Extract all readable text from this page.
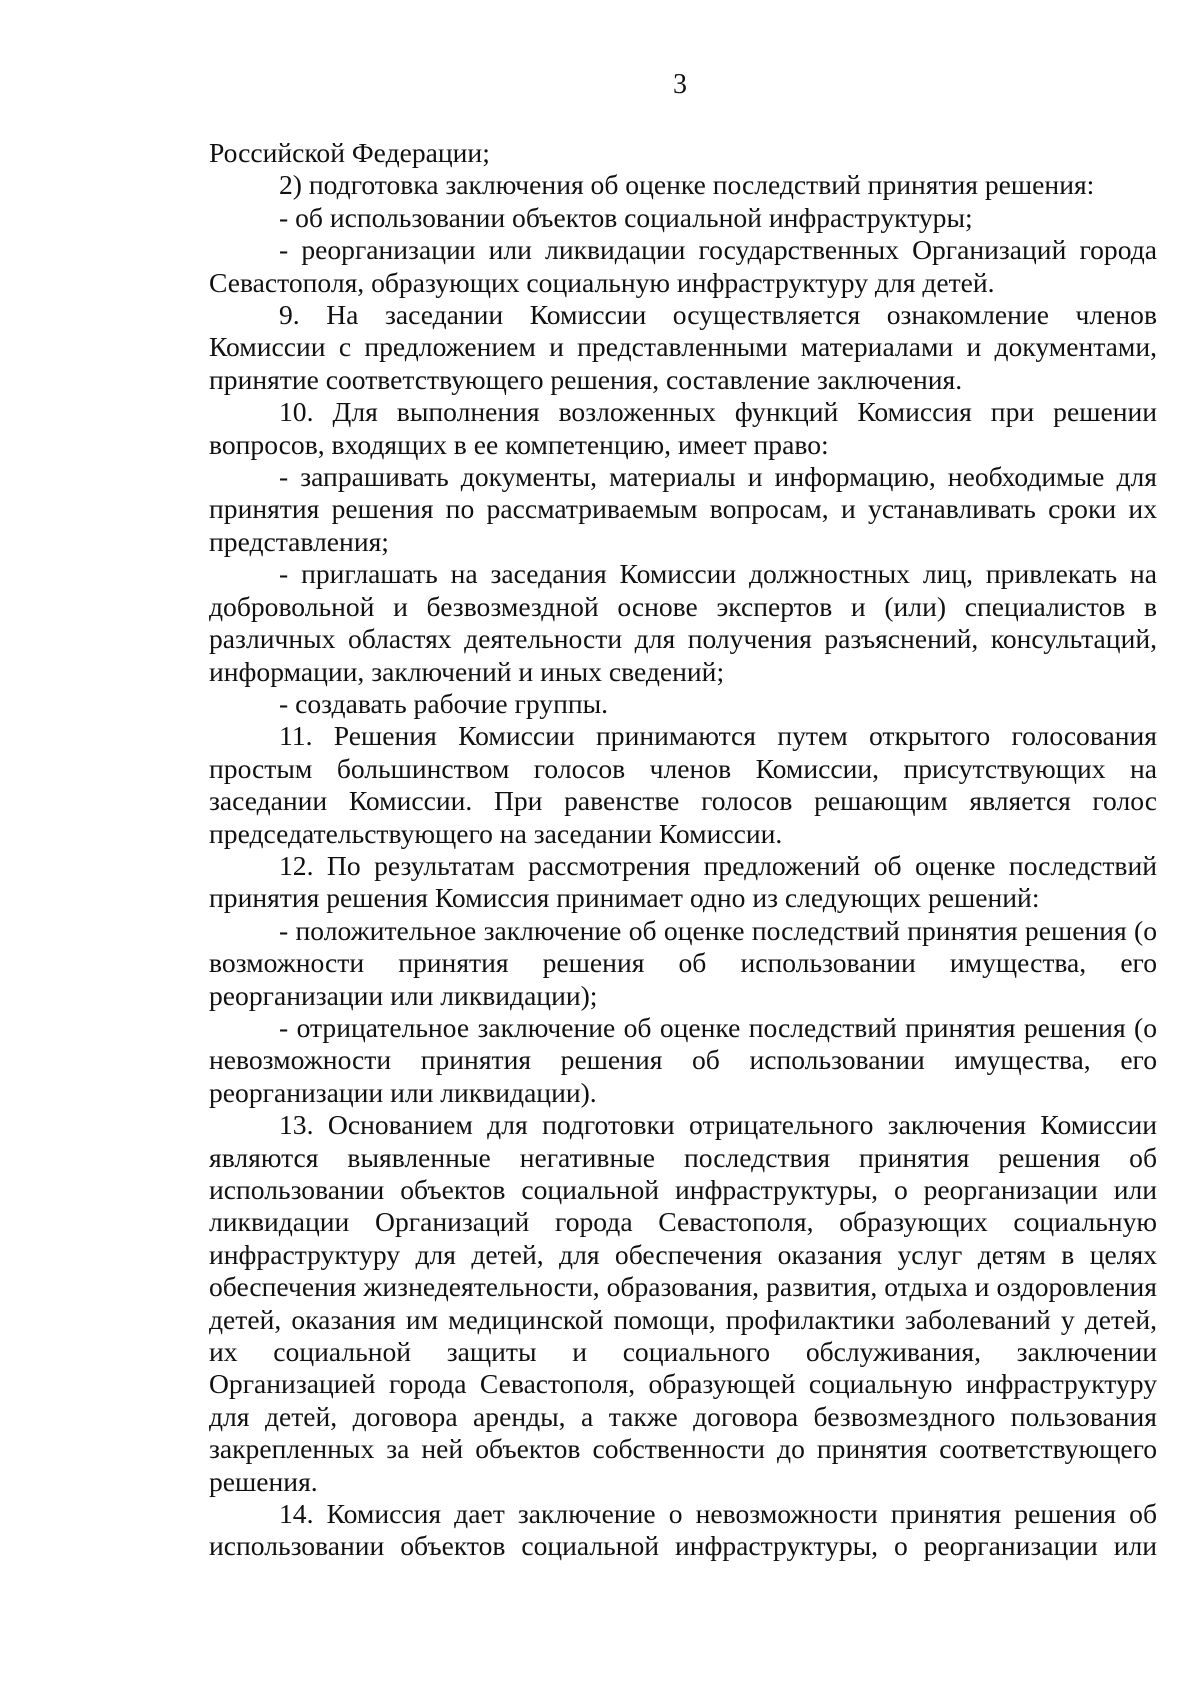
3

Российской Федерации;

2) подготовка заключения об оценке последствий принятия решения:

- об использовании объектов социальной инфраструктуры;

- реорганизации или ликвидации государственных Организаций города Севастополя, образующих социальную инфраструктуру для детей.

9. На заседании Комиссии осуществляется ознакомление членов Комиссии с предложением и представленными материалами и документами, принятие соответствующего решения, составление заключения.

10. Для выполнения возложенных функций Комиссия при решении вопросов, входящих в ее компетенцию, имеет право:

- запрашивать документы, материалы и информацию, необходимые для принятия решения по рассматриваемым вопросам, и устанавливать сроки их представления;

- приглашать на заседания Комиссии должностных лиц, привлекать на добровольной и безвозмездной основе экспертов и (или) специалистов в различных областях деятельности для получения разъяснений, консультаций, информации, заключений и иных сведений;

- создавать рабочие группы.

11. Решения Комиссии принимаются путем открытого голосования простым большинством голосов членов Комиссии, присутствующих на заседании Комиссии. При равенстве голосов решающим является голос председательствующего на заседании Комиссии.

12. По результатам рассмотрения предложений об оценке последствий принятия решения Комиссия принимает одно из следующих решений:

- положительное заключение об оценке последствий принятия решения (о возможности принятия решения об использовании имущества, его реорганизации или ликвидации);

- отрицательное заключение об оценке последствий принятия решения (о невозможности принятия решения об использовании имущества, его реорганизации или ликвидации).

13. Основанием для подготовки отрицательного заключения Комиссии являются выявленные негативные последствия принятия решения об использовании объектов социальной инфраструктуры, о реорганизации или ликвидации Организаций города Севастополя, образующих социальную инфраструктуру для детей, для обеспечения оказания услуг детям в целях обеспечения жизнедеятельности, образования, развития, отдыха и оздоровления детей, оказания им медицинской помощи, профилактики заболеваний у детей, их социальной защиты и социального обслуживания, заключении Организацией города Севастополя, образующей социальную инфраструктуру для детей, договора аренды, а также договора безвозмездного пользования закрепленных за ней объектов собственности до принятия соответствующего решения.

14. Комиссия дает заключение о невозможности принятия решения об использовании объектов социальной инфраструктуры, о реорганизации или
